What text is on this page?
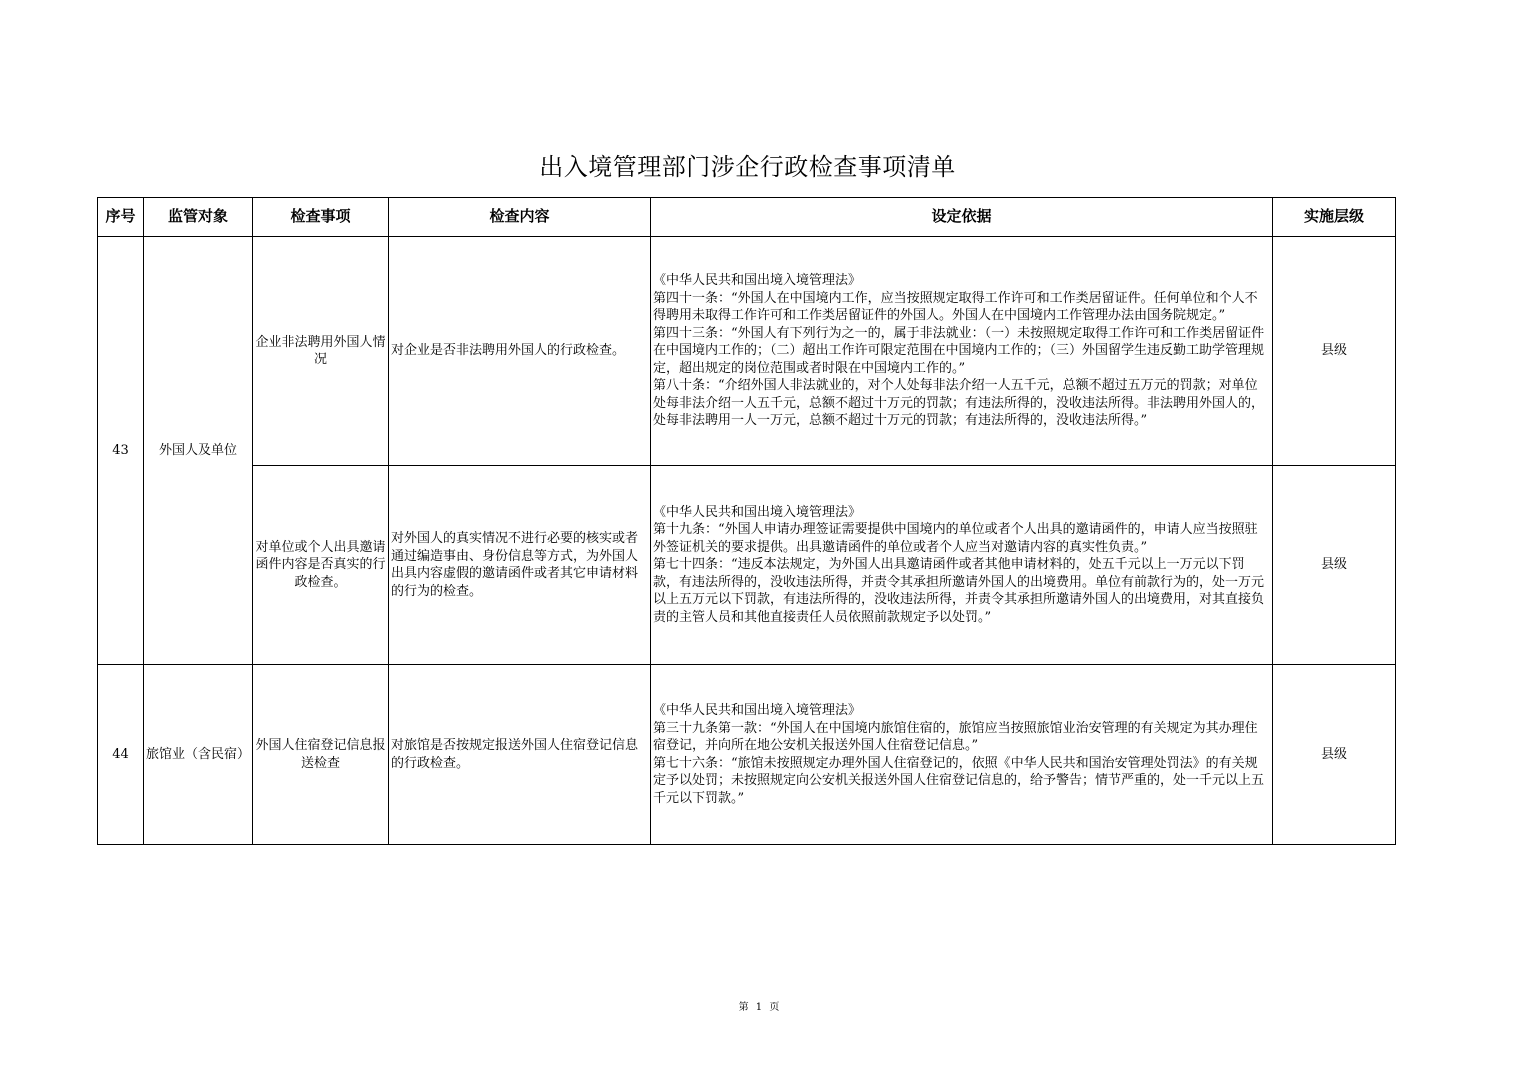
出入境管理部门涉企行政检查事项清单
序号	监管对象	检查事项	检查内容	设定依据	实施层级
43	外国人及单位	企业非法聘用外国人情况	对企业是否非法聘用外国人的行政检查。	《中华人民共和国出境入境管理法》
第四十一条：“外国人在中国境内工作，应当按照规定取得工作许可和工作类居留证件。任何单位和个人不得聘用未取得工作许可和工作类居留证件的外国人。外国人在中国境内工作管理办法由国务院规定。”
第四十三条：“外国人有下列行为之一的，属于非法就业：（一）未按照规定取得工作许可和工作类居留证件在中国境内工作的；（二）超出工作许可限定范围在中国境内工作的；（三）外国留学生违反勤工助学管理规定，超出规定的岗位范围或者时限在中国境内工作的。”
第八十条：“介绍外国人非法就业的，对个人处每非法介绍一人五千元，总额不超过五万元的罚款；对单位处每非法介绍一人五千元，总额不超过十万元的罚款；有违法所得的，没收违法所得。非法聘用外国人的，处每非法聘用一人一万元，总额不超过十万元的罚款；有违法所得的，没收违法所得。”	县级
		对单位或个人出具邀请函件内容是否真实的行政检查。	对外国人的真实情况不进行必要的核实或者通过编造事由、身份信息等方式，为外国人出具内容虚假的邀请函件或者其它申请材料的行为的检查。	《中华人民共和国出境入境管理法》
第十九条：“外国人申请办理签证需要提供中国境内的单位或者个人出具的邀请函件的，申请人应当按照驻外签证机关的要求提供。出具邀请函件的单位或者个人应当对邀请内容的真实性负责。”
第七十四条：“违反本法规定，为外国人出具邀请函件或者其他申请材料的，处五千元以上一万元以下罚款，有违法所得的，没收违法所得，并责令其承担所邀请外国人的出境费用。单位有前款行为的，处一万元以上五万元以下罚款，有违法所得的，没收违法所得，并责令其承担所邀请外国人的出境费用，对其直接负责的主管人员和其他直接责任人员依照前款规定予以处罚。”	县级
44	旅馆业（含民宿）	外国人住宿登记信息报送检查	对旅馆是否按规定报送外国人住宿登记信息的行政检查。	《中华人民共和国出境入境管理法》
第三十九条第一款：“外国人在中国境内旅馆住宿的，旅馆应当按照旅馆业治安管理的有关规定为其办理住宿登记，并向所在地公安机关报送外国人住宿登记信息。”
第七十六条：“旅馆未按照规定办理外国人住宿登记的，依照《中华人民共和国治安管理处罚法》的有关规定予以处罚；未按照规定向公安机关报送外国人住宿登记信息的，给予警告；情节严重的，处一千元以上五千元以下罚款。”	县级
第 1 页
